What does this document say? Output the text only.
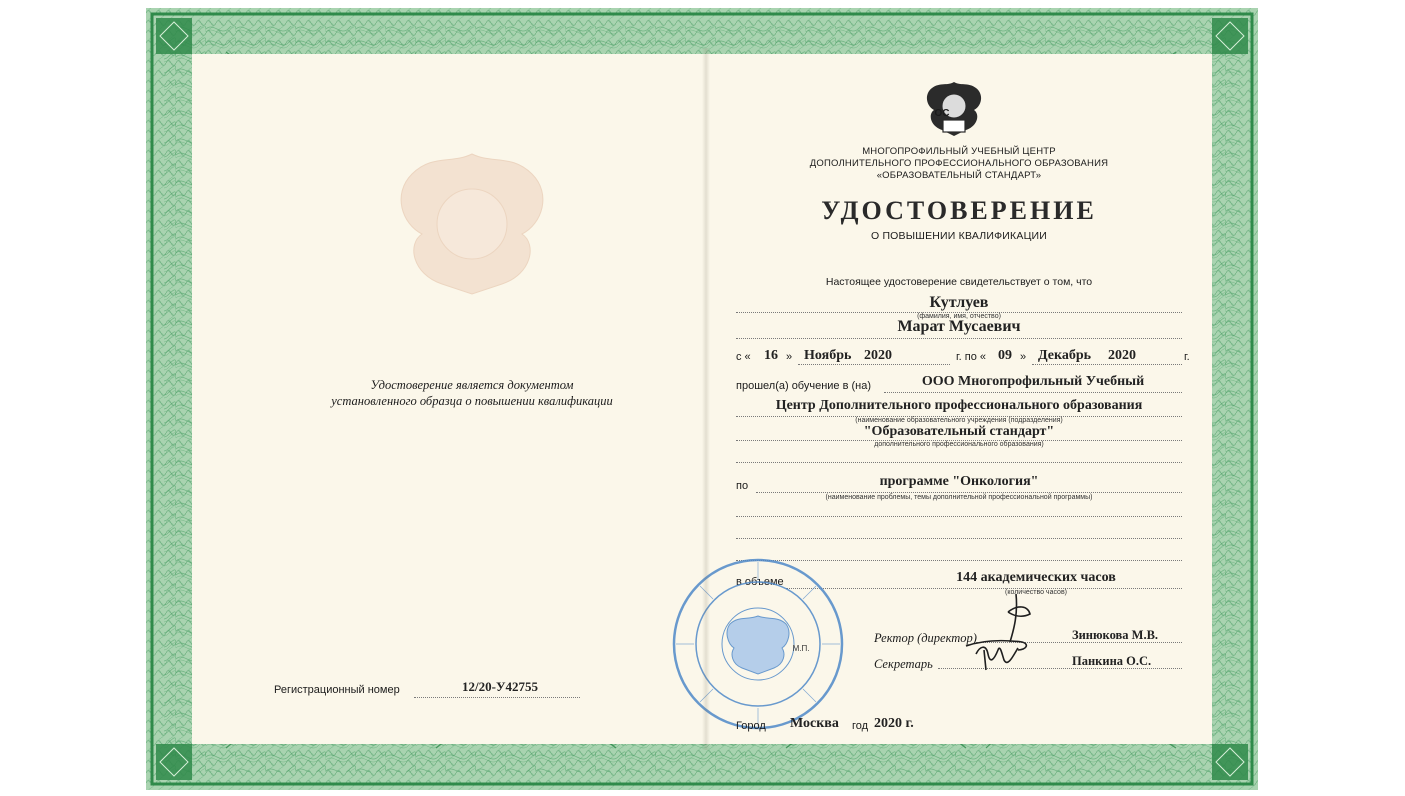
Удостоверение является документом
установленного образца о повышении квалификации
Регистрационный номер	12/20-У42755
ОС
МНОГОПРОФИЛЬНЫЙ УЧЕБНЫЙ ЦЕНТР
ДОПОЛНИТЕЛЬНОГО ПРОФЕССИОНАЛЬНОГО ОБРАЗОВАНИЯ
«ОБРАЗОВАТЕЛЬНЫЙ СТАНДАРТ»
УДОСТОВЕРЕНИЕ
О ПОВЫШЕНИИ КВАЛИФИКАЦИИ
Настоящее удостоверение свидетельствует о том, что
Кутлуев
(фамилия, имя, отчество)
Марат Мусаевич
с « 16 » Ноябрь 2020	г. по « 09 » Декабрь 2020	г.
прошел(а) обучение в (на)	ООО Многопрофильный Учебный
Центр Дополнительного профессионального образования
(наименование образовательного учреждения (подразделения)
"Образовательный стандарт"
дополнительного профессионального образования)
по	программе "Онкология"
(наименование проблемы, темы дополнительной профессиональной программы)
в объеме	144 академических часов
(количество часов)
М.П.
Ректор (директор)	Зинюкова М.В.
Секретарь	Панкина О.С.
Город Москва год 2020 г.
